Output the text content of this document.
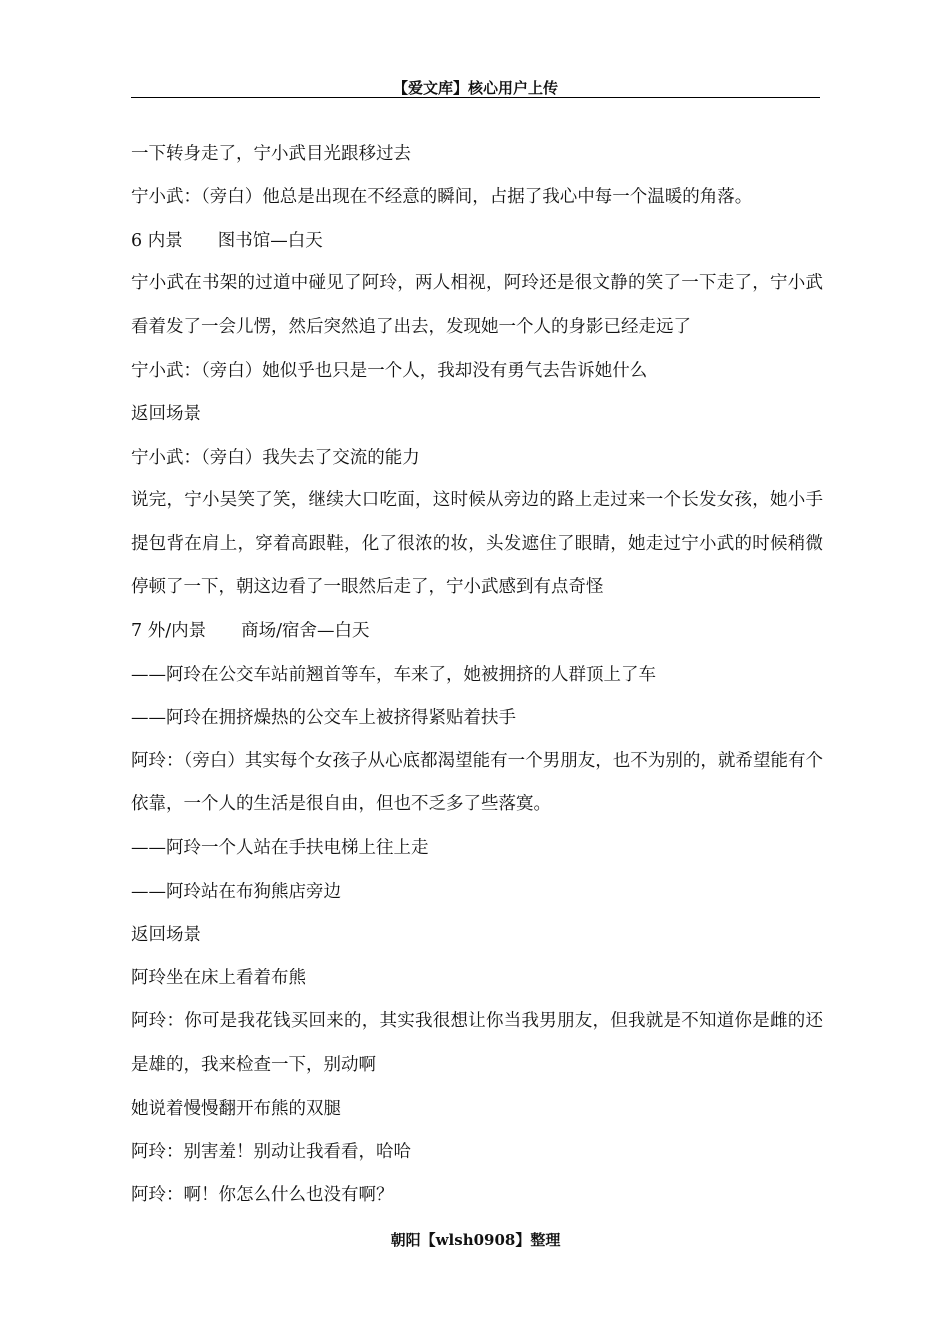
【爱文库】核心用户上传
一下转身走了，宁小武目光跟移过去
宁小武：（旁白）他总是出现在不经意的瞬间，占据了我心中每一个温暖的角落。
6 内景　　图书馆—白天
宁小武在书架的过道中碰见了阿玲，两人相视，阿玲还是很文静的笑了一下走了，宁小武看着发了一会儿愣，然后突然追了出去，发现她一个人的身影已经走远了
宁小武：（旁白）她似乎也只是一个人，我却没有勇气去告诉她什么
返回场景
宁小武：（旁白）我失去了交流的能力
说完，宁小吴笑了笑，继续大口吃面，这时候从旁边的路上走过来一个长发女孩，她小手提包背在肩上，穿着高跟鞋，化了很浓的妆，头发遮住了眼睛，她走过宁小武的时候稍微停顿了一下，朝这边看了一眼然后走了，宁小武感到有点奇怪
7 外/内景　　商场/宿舍—白天
——阿玲在公交车站前翘首等车，车来了，她被拥挤的人群顶上了车
——阿玲在拥挤燥热的公交车上被挤得紧贴着扶手
阿玲：（旁白）其实每个女孩子从心底都渴望能有一个男朋友，也不为别的，就希望能有个依靠，一个人的生活是很自由，但也不乏多了些落寞。
——阿玲一个人站在手扶电梯上往上走
——阿玲站在布狗熊店旁边
返回场景
阿玲坐在床上看着布熊
阿玲：你可是我花钱买回来的，其实我很想让你当我男朋友，但我就是不知道你是雌的还是雄的，我来检查一下，别动啊
她说着慢慢翻开布熊的双腿
阿玲：别害羞！别动让我看看，哈哈
阿玲：啊！你怎么什么也没有啊？
朝阳【wlsh0908】整理
